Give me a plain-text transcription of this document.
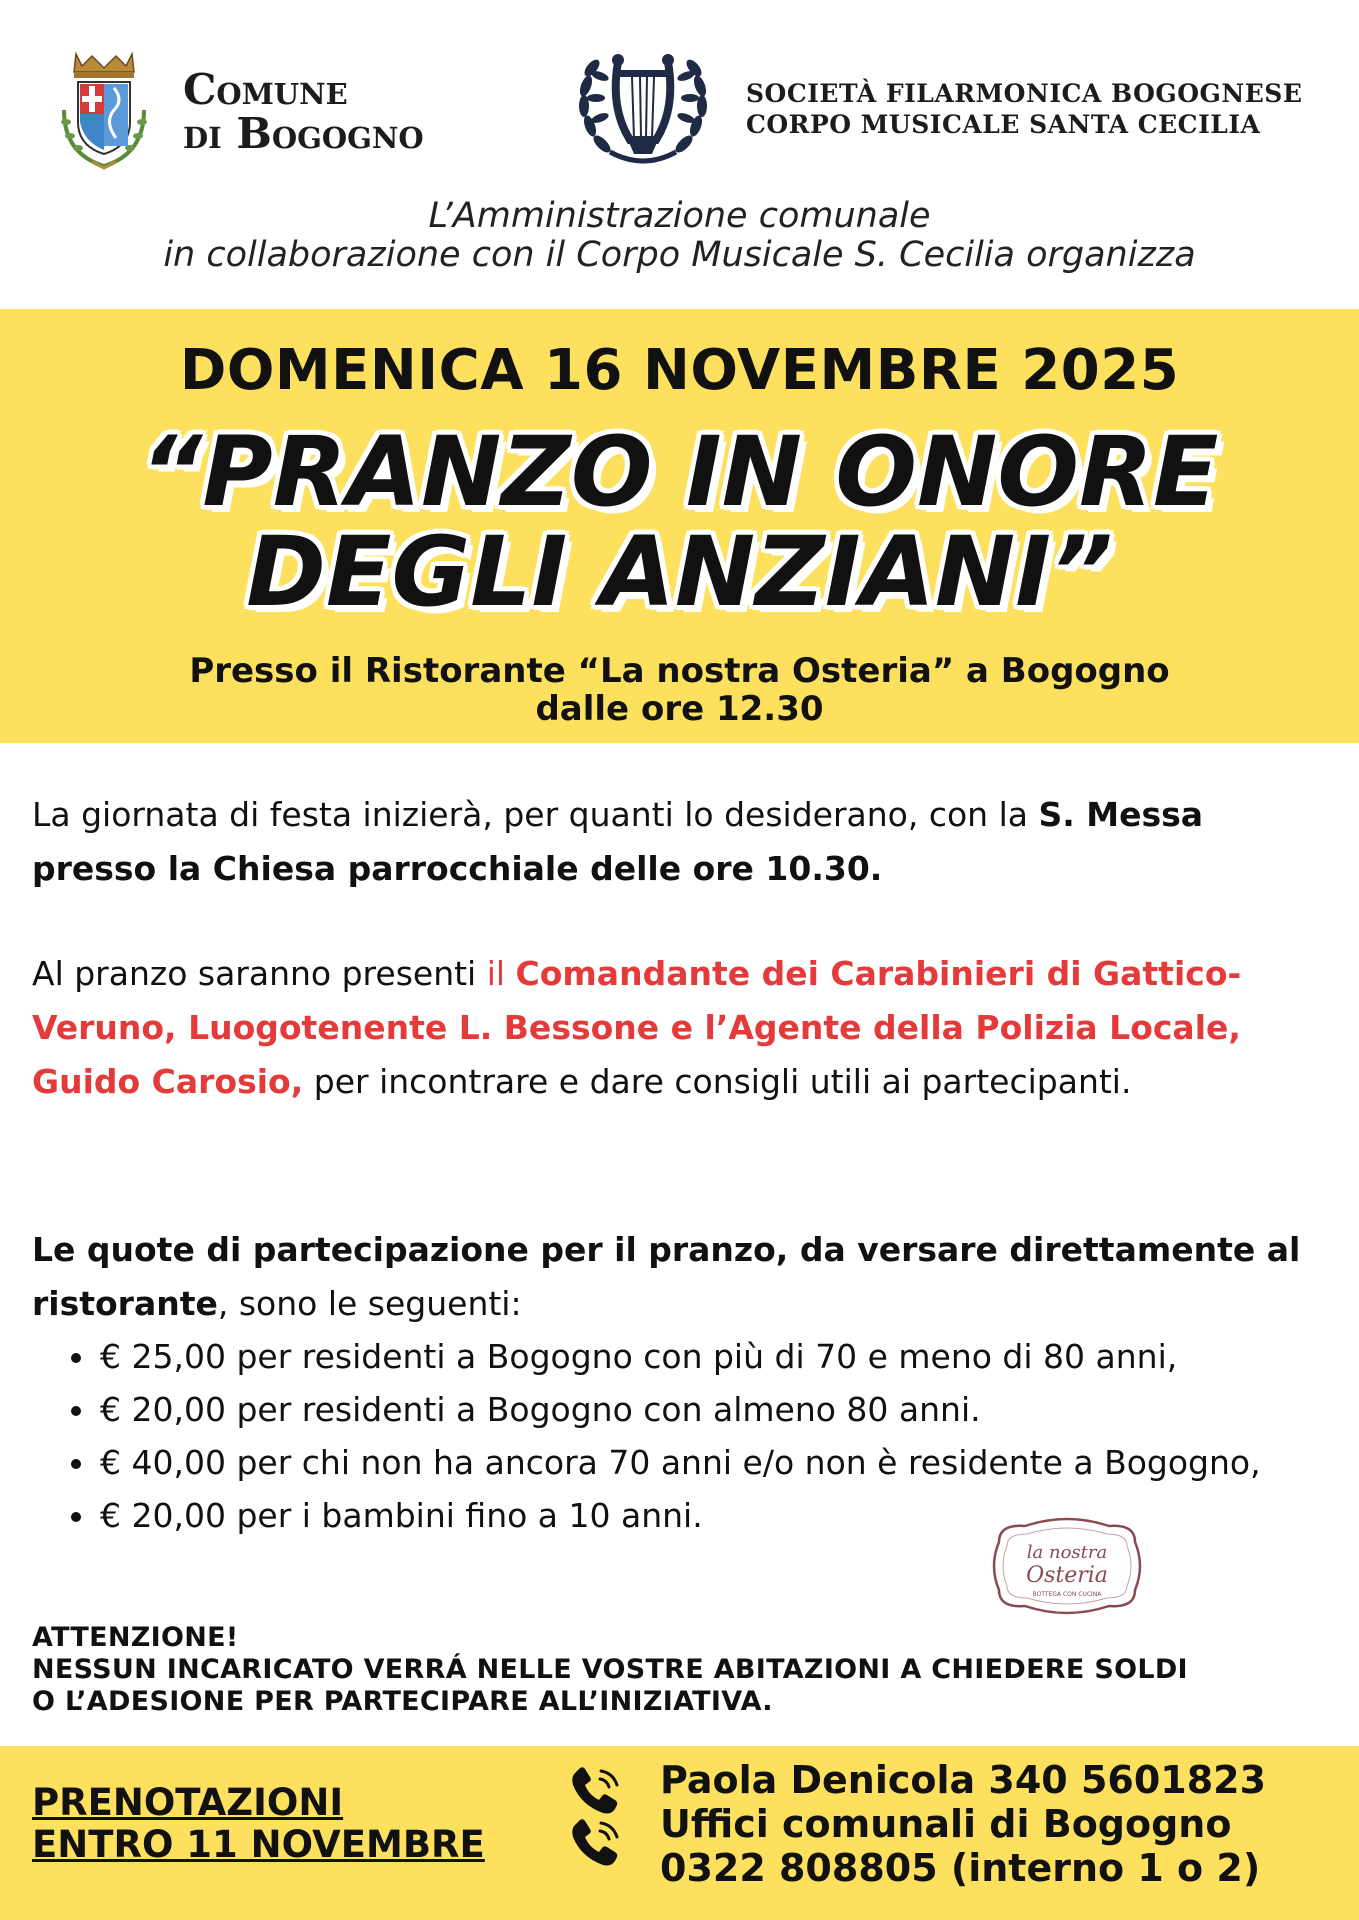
Comune
di Bogogno
SOCIETÀ FILARMONICA BOGOGNESE
CORPO MUSICALE SANTA CECILIA
L’Amministrazione comunale
in collaborazione con il Corpo Musicale S. Cecilia organizza
DOMENICA 16 NOVEMBRE 2025
“PRANZO IN ONORE
DEGLI ANZIANI”
Presso il Ristorante “La nostra Osteria” a Bogogno
dalle ore 12.30
La giornata di festa inizierà, per quanti lo desiderano, con la S. Messa presso la Chiesa parrocchiale delle ore 10.30.
Al pranzo saranno presenti il Comandante dei Carabinieri di Gattico-Veruno, Luogotenente L. Bessone e l’Agente della Polizia Locale, Guido Carosio, per incontrare e dare consigli utili ai partecipanti.
Le quote di partecipazione per il pranzo, da versare direttamente al ristorante, sono le seguenti:
• € 25,00 per residenti a Bogogno con più di 70 e meno di 80 anni,
• € 20,00 per residenti a Bogogno con almeno 80 anni.
• € 40,00 per chi non ha ancora 70 anni e/o non è residente a Bogogno,
• € 20,00 per i bambini fino a 10 anni.
la nostra
Osteria
BOTTEGA CON CUCINA
ATTENZIONE!
NESSUN INCARICATO VERRÁ NELLE VOSTRE ABITAZIONI A CHIEDERE SOLDI
O L’ADESIONE PER PARTECIPARE ALL’INIZIATIVA.
PRENOTAZIONI
ENTRO 11 NOVEMBRE
Paola Denicola 340 5601823
Uffici comunali di Bogogno
0322 808805 (interno 1 o 2)
